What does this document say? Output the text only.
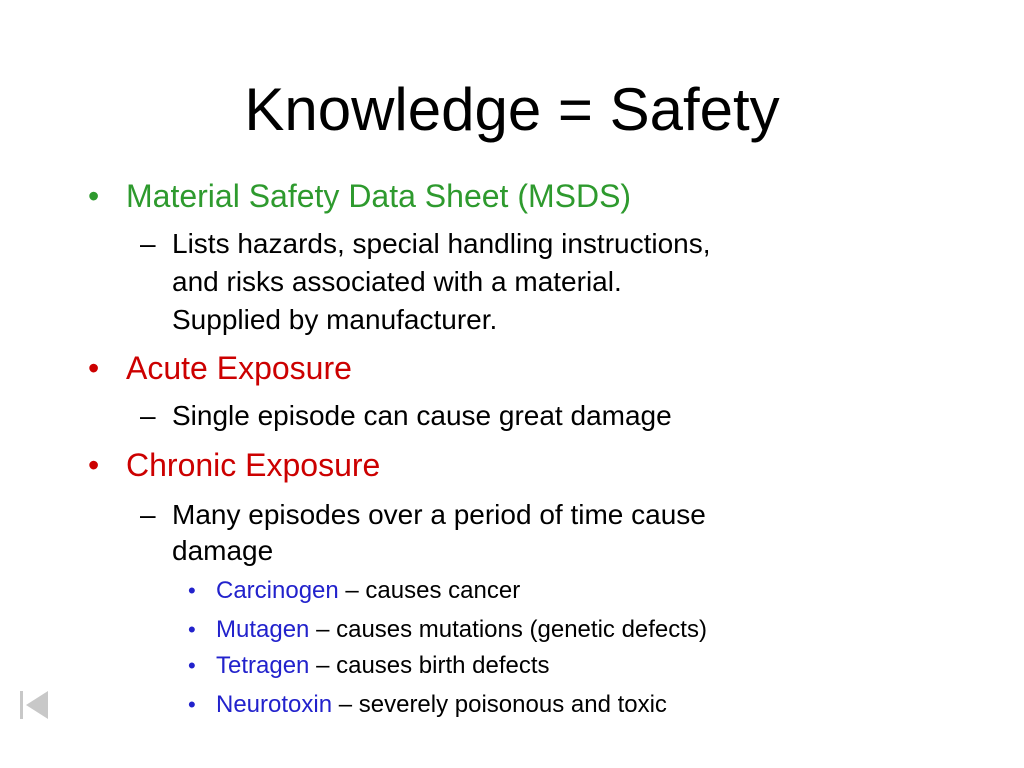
Knowledge = Safety
• Material Safety Data Sheet (MSDS)
– Lists hazards, special handling instructions,
and risks associated with a material.
Supplied by manufacturer.
• Acute Exposure
– Single episode can cause great damage
• Chronic Exposure
– Many episodes over a period of time cause
damage
• Carcinogen – causes cancer
• Mutagen – causes mutations (genetic defects)
• Tetragen – causes birth defects
• Neurotoxin – severely poisonous and toxic
